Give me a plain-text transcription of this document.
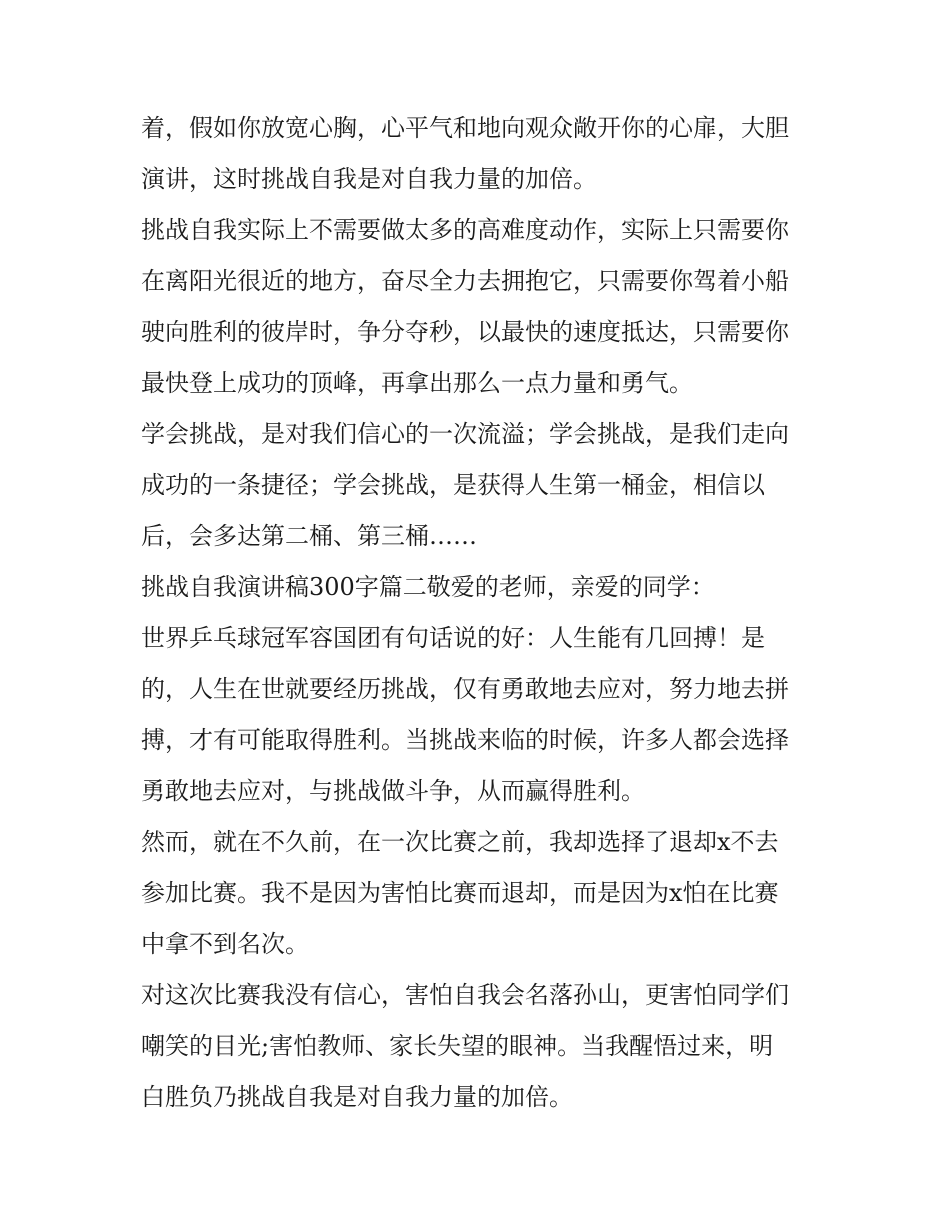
着，假如你放宽心胸，心平气和地向观众敞开你的心扉，大胆
演讲，这时挑战自我是对自我力量的加倍。
挑战自我实际上不需要做太多的高难度动作，实际上只需要你
在离阳光很近的地方，奋尽全力去拥抱它，只需要你驾着小船
驶向胜利的彼岸时，争分夺秒，以最快的速度抵达，只需要你
最快登上成功的顶峰，再拿出那么一点力量和勇气。
学会挑战，是对我们信心的一次流溢；学会挑战，是我们走向
成功的一条捷径；学会挑战，是获得人生第一桶金，相信以
后，会多达第二桶、第三桶……
挑战自我演讲稿300字篇二敬爱的老师，亲爱的同学：
世界乒乓球冠军容国团有句话说的好：人生能有几回搏！是
的，人生在世就要经历挑战，仅有勇敢地去应对，努力地去拼
搏，才有可能取得胜利。当挑战来临的时候，许多人都会选择
勇敢地去应对，与挑战做斗争，从而赢得胜利。
然而，就在不久前，在一次比赛之前，我却选择了退却x不去
参加比赛。我不是因为害怕比赛而退却，而是因为x怕在比赛
中拿不到名次。
对这次比赛我没有信心，害怕自我会名落孙山，更害怕同学们
嘲笑的目光;害怕教师、家长失望的眼神。当我醒悟过来，明
白胜负乃挑战自我是对自我力量的加倍。
